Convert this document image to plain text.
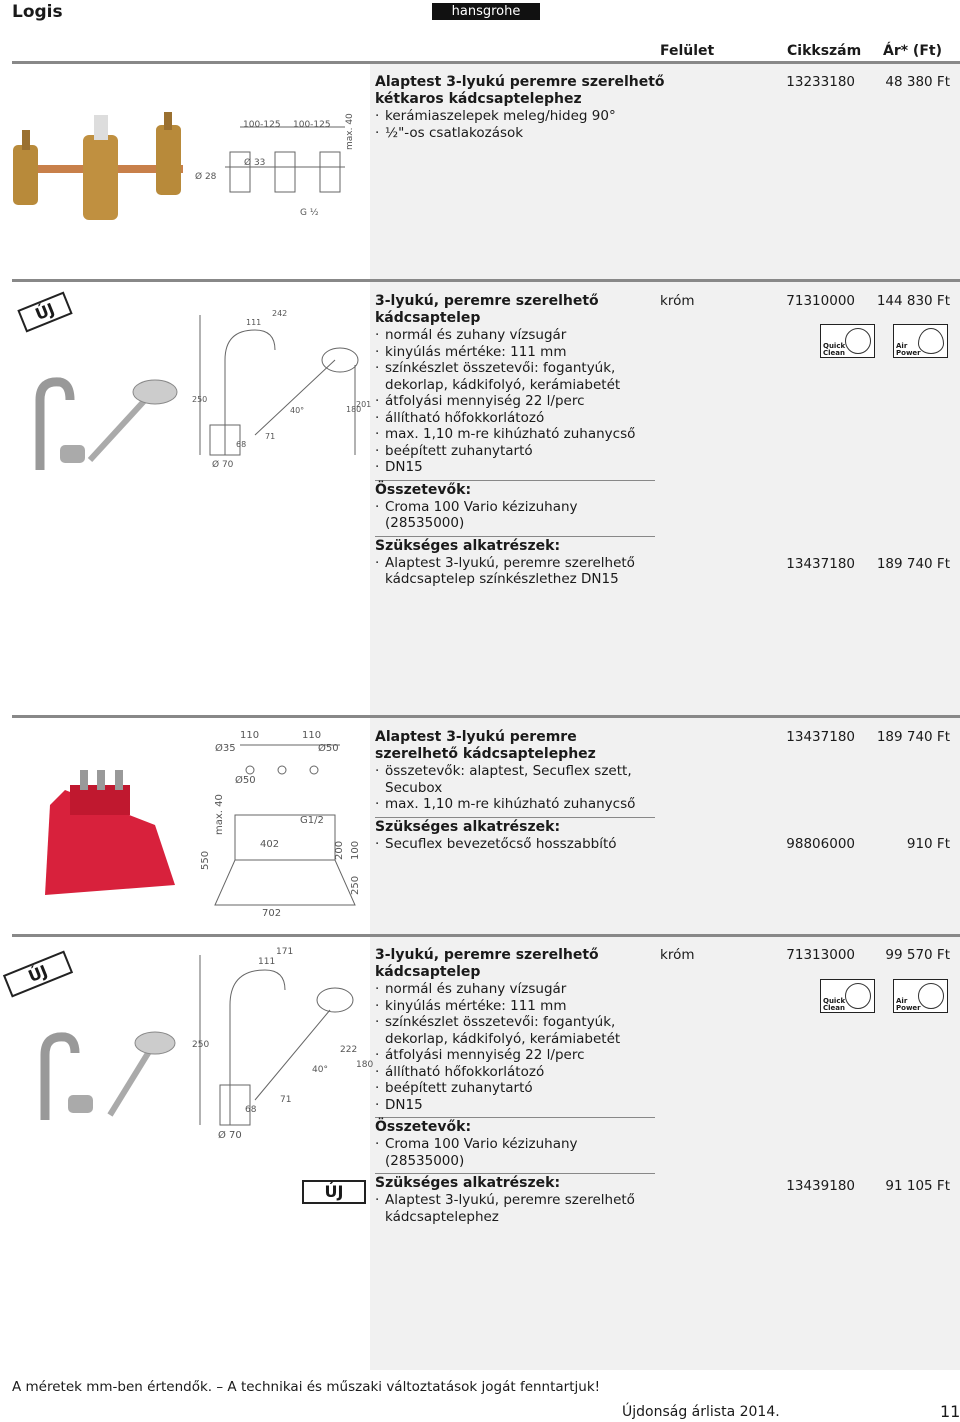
Logis	hansgrohe
Felület	Cikkszám Ár* (Ft)
100-125 100-125 max. 40
Ø 28
Ø 33
G ½
Alaptest 3-lyukú peremre szerelhető kétkaros kádcsaptelephez
· kerámiaszelepek meleg/hideg 90°
· ½"-os csatlakozások
13233180	48 380 Ft
ÚJ	242
111
250
180
201
40°
68
71
Ø 70
3-lyukú, peremre szerelhető kádcsaptelep
· normál és zuhany vízsugár
· kinyúlás mértéke: 111 mm
· színkészlet összetevői: fogantyúk, dekorlap, kádkifolyó, kerámiabetét
· átfolyási mennyiség 22 l/perc
· állítható hőfokkorlátozó
· max. 1,10 m-re kihúzható zuhanycső
· beépített zuhanytartó
· DN15
Összetevők:
· Croma 100 Vario kézizuhany (28535000)
Szükséges alkatrészek:
· Alaptest 3-lyukú, peremre szerelhető kádcsaptelep színkészlethez DN15
króm	71310000	144 830 Ft
Quick
Clean
Air
Power
13437180	189 740 Ft
110	110
Ø35	Ø50
Ø50
max. 40
550
402
G1/2
200 100
250
702
Alaptest 3-lyukú peremre szerelhető kádcsaptelephez
· összetevők: alaptest, Secuflex szett, Secubox
· max. 1,10 m-re kihúzható zuhanycső
Szükséges alkatrészek:
· Secuflex bevezetőcső hosszabbító
13437180	189 740 Ft
98806000	910 Ft
ÚJ
171
111
250	222
180
40°
68
71
Ø 70
ÚJ
3-lyukú, peremre szerelhető kádcsaptelep
· normál és zuhany vízsugár
· kinyúlás mértéke: 111 mm
· színkészlet összetevői: fogantyúk, dekorlap, kádkifolyó, kerámiabetét
· átfolyási mennyiség 22 l/perc
· állítható hőfokkorlátozó
· beépített zuhanytartó
· DN15
Összetevők:
· Croma 100 Vario kézizuhany (28535000)
Szükséges alkatrészek:
· Alaptest 3-lyukú, peremre szerelhető kádcsaptelephez
króm	71313000	99 570 Ft
Quick
Clean
Air
Power
13439180	91 105 Ft
A méretek mm-ben értendők. – A technikai és műszaki változtatások jogát fenntartjuk!
Újdonság árlista 2014.	11
